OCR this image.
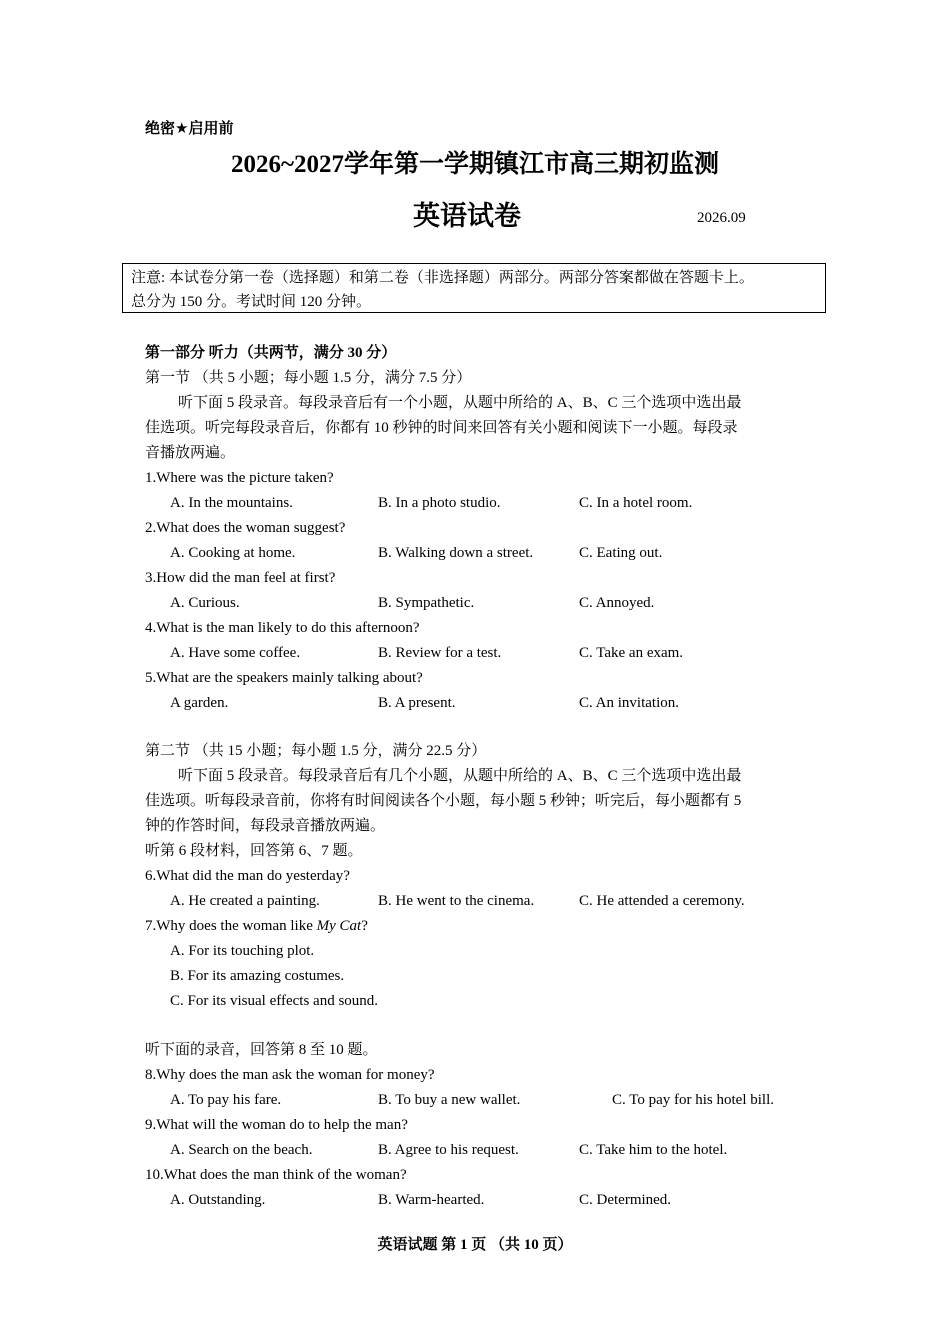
绝密★启用前
2026~2027学年第一学期镇江市高三期初监测
英语试卷	2026.09
注意: 本试卷分第一卷（选择题）和第二卷（非选择题）两部分。两部分答案都做在答题卡上。
总分为 150 分。考试时间 120 分钟。
第一部分 听力（共两节，满分 30 分）
第一节 （共 5 小题；每小题 1.5 分，满分 7.5 分）
听下面 5 段录音。每段录音后有一个小题，从题中所给的 A、B、C 三个选项中选出最
佳选项。听完每段录音后，你都有 10 秒钟的时间来回答有关小题和阅读下一小题。每段录
音播放两遍。
1.Where was the picture taken?
A. In the mountains.	B. In a photo studio.	C. In a hotel room.
2.What does the woman suggest?
A. Cooking at home.	B. Walking down a street.	C. Eating out.
3.How did the man feel at first?
A. Curious.	B. Sympathetic.	C. Annoyed.
4.What is the man likely to do this afternoon?
A. Have some coffee.	B. Review for a test.	C. Take an exam.
5.What are the speakers mainly talking about?
A garden.	B. A present.	C. An invitation.
第二节 （共 15 小题；每小题 1.5 分，满分 22.5 分）
听下面 5 段录音。每段录音后有几个小题，从题中所给的 A、B、C 三个选项中选出最
佳选项。听每段录音前，你将有时间阅读各个小题，每小题 5 秒钟；听完后，每小题都有 5
钟的作答时间，每段录音播放两遍。
听第 6 段材料，回答第 6、7 题。
6.What did the man do yesterday?
A. He created a painting.	B. He went to the cinema.	C. He attended a ceremony.
7.Why does the woman like My Cat?
A. For its touching plot.
B. For its amazing costumes.
C. For its visual effects and sound.
听下面的录音，回答第 8 至 10 题。
8.Why does the man ask the woman for money?
A. To pay his fare.	B. To buy a new wallet.	C. To pay for his hotel bill.
9.What will the woman do to help the man?
A. Search on the beach.	B. Agree to his request.	C. Take him to the hotel.
10.What does the man think of the woman?
A. Outstanding.	B. Warm-hearted.	C. Determined.
英语试题 第 1 页 （共 10 页）
